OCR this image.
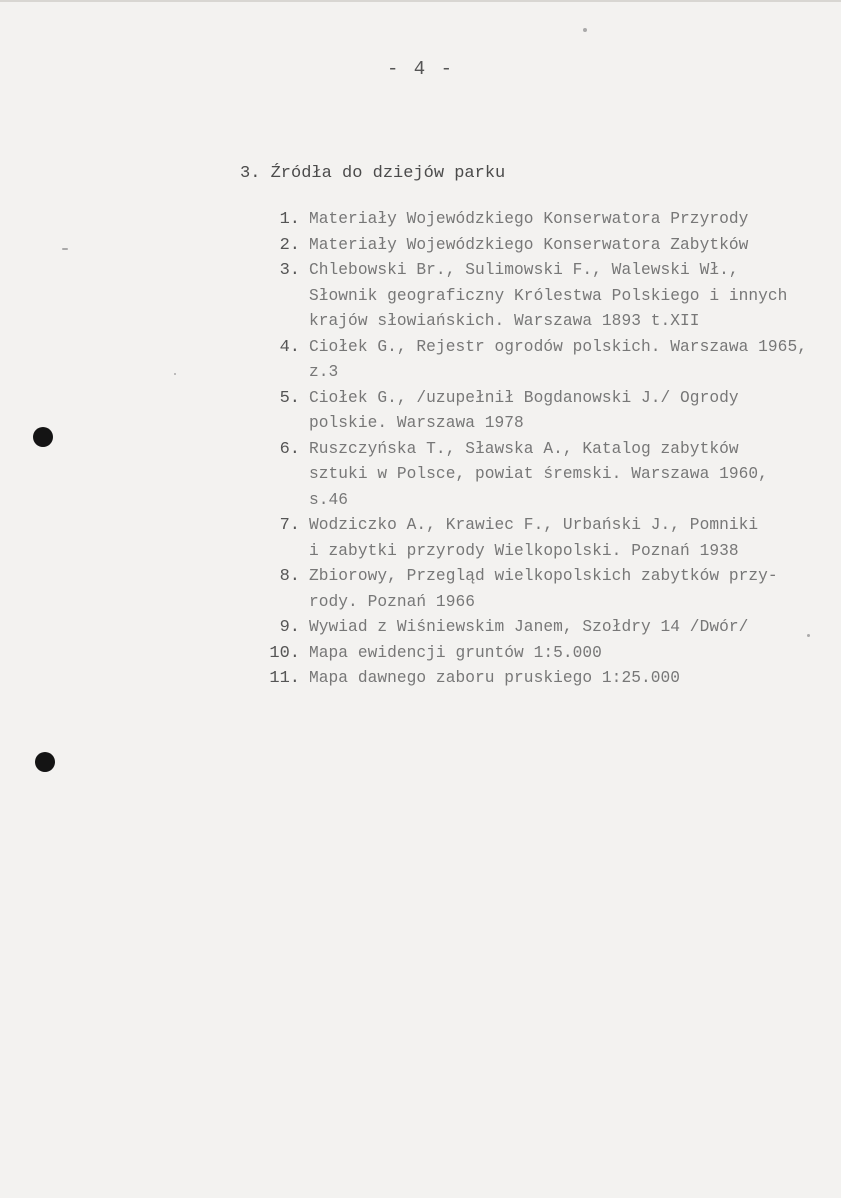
- 4 -
3. Źródła do dziejów parku
1. Materiały Wojewódzkiego Konserwatora Przyrody
2. Materiały Wojewódzkiego Konserwatora Zabytków
3. Chlebowski Br., Sulimowski F., Walewski Wł.,
Słownik geograficzny Królestwa Polskiego i innych
krajów słowiańskich. Warszawa 1893 t.XII
4. Ciołek G., Rejestr ogrodów polskich. Warszawa 1965,
z.3
5. Ciołek G., /uzupełnił Bogdanowski J./ Ogrody
polskie. Warszawa 1978
6. Ruszczyńska T., Sławska A., Katalog zabytków
sztuki w Polsce, powiat śremski. Warszawa 1960,
s.46
7. Wodziczko A., Krawiec F., Urbański J., Pomniki
i zabytki przyrody Wielkopolski. Poznań 1938
8. Zbiorowy, Przegląd wielkopolskich zabytków przy-
rody. Poznań 1966
9. Wywiad z Wiśniewskim Janem, Szołdry 14 /Dwór/
10. Mapa ewidencji gruntów 1:5.000
11. Mapa dawnego zaboru pruskiego 1:25.000
